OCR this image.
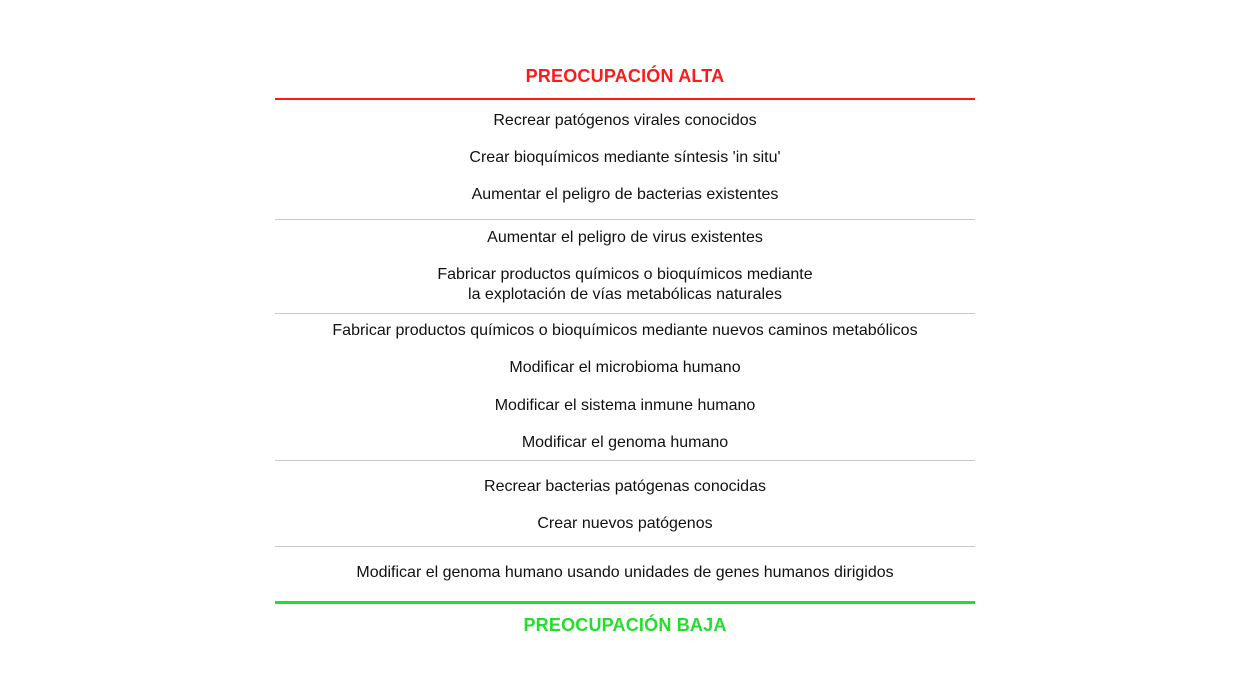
PREOCUPACIÓN ALTA
Recrear patógenos virales conocidos
Crear bioquímicos mediante síntesis 'in situ'
Aumentar el peligro de bacterias existentes
Aumentar el peligro de virus existentes
Fabricar productos químicos o bioquímicos mediante
la explotación de vías metabólicas naturales
Fabricar productos químicos o bioquímicos mediante nuevos caminos metabólicos
Modificar el microbioma humano
Modificar el sistema inmune humano
Modificar el genoma humano
Recrear bacterias patógenas conocidas
Crear nuevos patógenos
Modificar el genoma humano usando unidades de genes humanos dirigidos
PREOCUPACIÓN BAJA
